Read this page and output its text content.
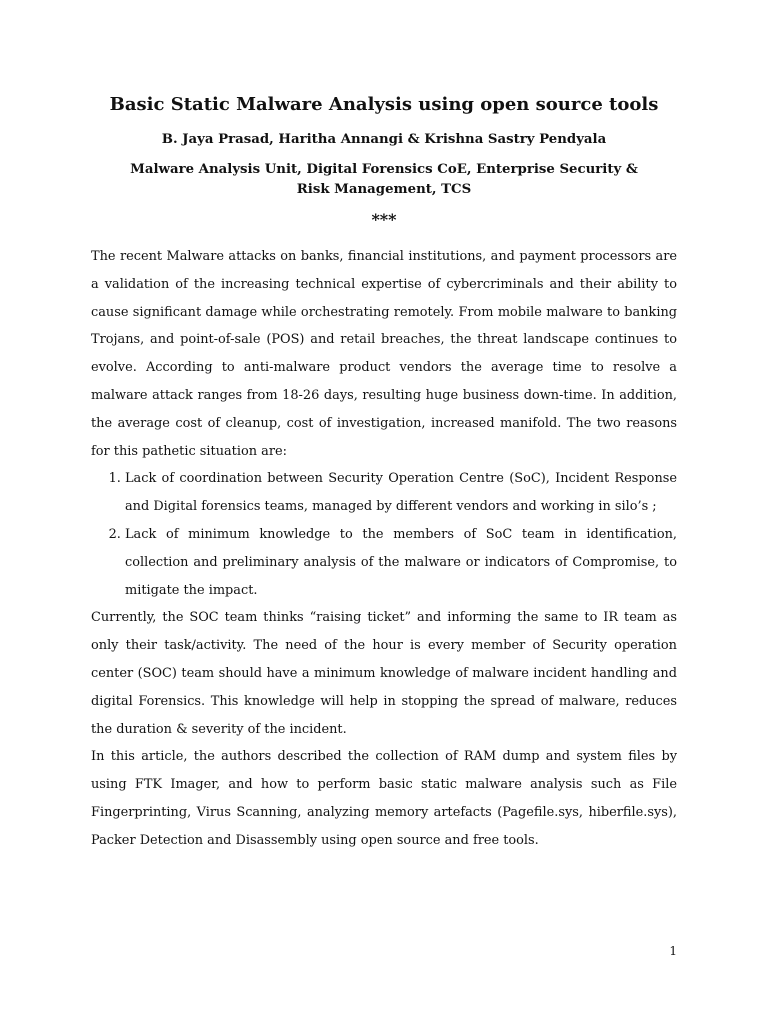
Basic Static Malware Analysis using open source tools
B. Jaya Prasad, Haritha Annangi & Krishna Sastry Pendyala
Malware Analysis Unit, Digital Forensics CoE, Enterprise Security & Risk Management, TCS
***

The recent Malware attacks on banks, financial institutions, and payment processors are a validation of the increasing technical expertise of cybercriminals and their ability to cause significant damage while orchestrating remotely. From mobile malware to banking Trojans, and point-of-sale (POS) and retail breaches, the threat landscape continues to evolve. According to anti-malware product vendors the average time to resolve a malware attack ranges from 18-26 days, resulting huge business down-time. In addition, the average cost of cleanup, cost of investigation, increased manifold. The two reasons for this pathetic situation are:

1. Lack of coordination between Security Operation Centre (SoC), Incident Response and Digital forensics teams, managed by different vendors and working in silo’s ;
2. Lack of minimum knowledge to the members of SoC team in identification, collection and preliminary analysis of the malware or indicators of Compromise, to mitigate the impact.

Currently, the SOC team thinks “raising ticket” and informing the same to IR team as only their task/activity. The need of the hour is every member of Security operation center (SOC) team should have a minimum knowledge of malware incident handling and digital Forensics. This knowledge will help in stopping the spread of malware, reduces the duration & severity of the incident.

In this article, the authors described the collection of RAM dump and system files by using FTK Imager, and how to perform basic static malware analysis such as File Fingerprinting, Virus Scanning, analyzing memory artefacts (Pagefile.sys, hiberfile.sys), Packer Detection and Disassembly using open source and free tools.

1
